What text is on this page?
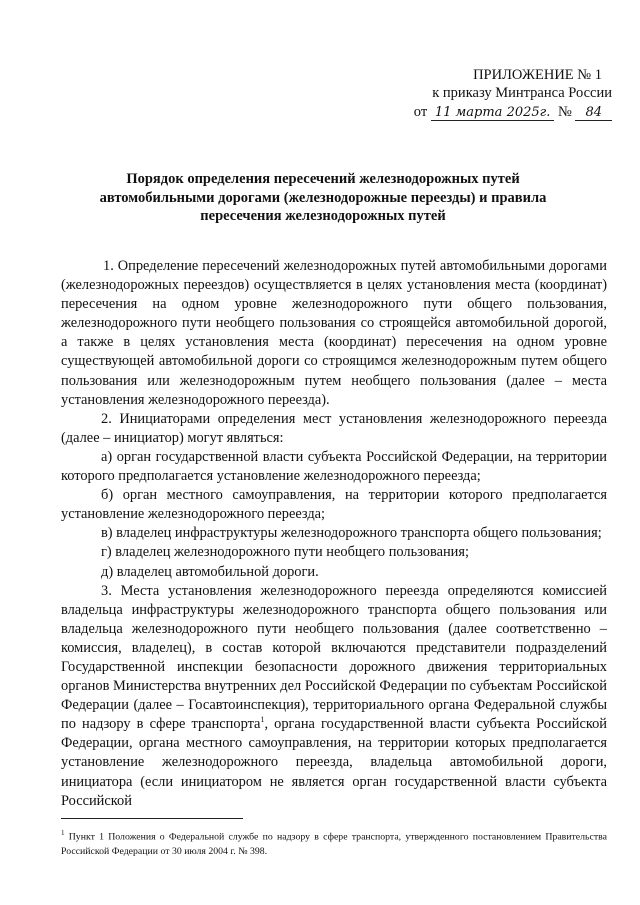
ПРИЛОЖЕНИЕ № 1
к приказу Минтранса России
от 11 марта 2025г. № 84
Порядок определения пересечений железнодорожных путей
автомобильными дорогами (железнодорожные переезды) и правила
пересечения железнодорожных путей

1. Определение пересечений железнодорожных путей автомобильными дорогами (железнодорожных переездов) осуществляется в целях установления места (координат) пересечения на одном уровне железнодорожного пути общего пользования, железнодорожного пути необщего пользования со строящейся автомобильной дорогой, а также в целях установления места (координат) пересечения на одном уровне существующей автомобильной дороги со строящимся железнодорожным путем общего пользования или железнодорожным путем необщего пользования (далее – места установления железнодорожного переезда).

2. Инициаторами определения мест установления железнодорожного переезда (далее – инициатор) могут являться:

а) орган государственной власти субъекта Российской Федерации, на территории которого предполагается установление железнодорожного переезда;

б) орган местного самоуправления, на территории которого предполагается установление железнодорожного переезда;

в) владелец инфраструктуры железнодорожного транспорта общего пользования;

г) владелец железнодорожного пути необщего пользования;

д) владелец автомобильной дороги.

3. Места установления железнодорожного переезда определяются комиссией владельца инфраструктуры железнодорожного транспорта общего пользования или владельца железнодорожного пути необщего пользования (далее соответственно – комиссия, владелец), в состав которой включаются представители подразделений Государственной инспекции безопасности дорожного движения территориальных органов Министерства внутренних дел Российской Федерации по субъектам Российской Федерации (далее – Госавтоинспекция), территориального органа Федеральной службы по надзору в сфере транспорта$^1$, органа государственной власти субъекта Российской Федерации, органа местного самоуправления, на территории которых предполагается установление железнодорожного переезда, владельца автомобильной дороги, инициатора (если инициатором не является орган государственной власти субъекта Российской

$^1$ Пункт 1 Положения о Федеральной службе по надзору в сфере транспорта, утвержденного постановлением Правительства Российской Федерации от 30 июля 2004 г. № 398.
